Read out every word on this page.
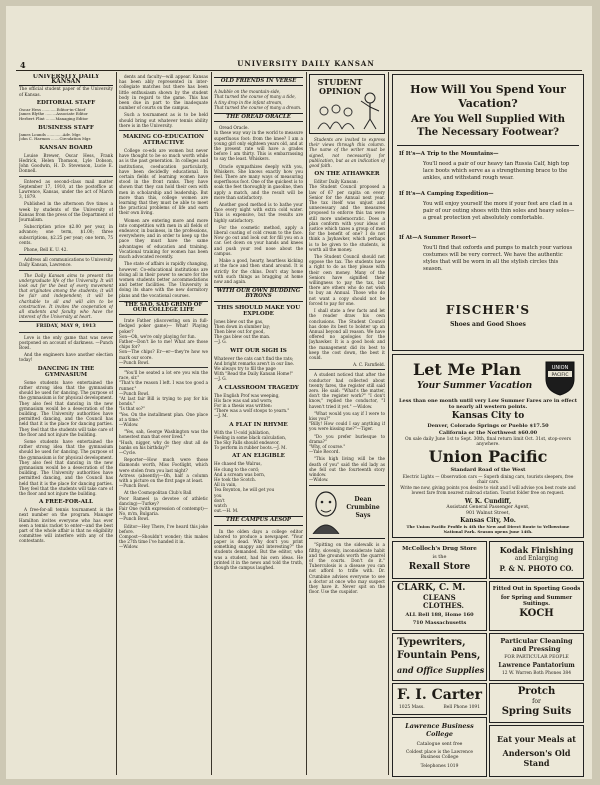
4	UNIVERSITY DAILY KANSAN
UNIVERSITY DAILY KANSAN

The official student paper of the University of Kansas.

EDITORIAL STAFF
Oscar Hess ............Editor-in-Chief
James Blythe .........Associate Editor
Herbert Flint ........Managing Editor
BUSINESS STAFF
James Lounds .............Adv. Mgr.
John C. Harmon .......Circulation Mgr.
KANSAN BOARD

Louise Brewer, Oscar Hess, Frank Hedrick, Helen Thomson, Lyle Dobson, John Goodwin, H. D. Stevenson, Lucie E. Donnell.

Entered as second-class mail matter September 17, 1910, at the postoffice at Lawrence, Kansas, under the act of March 3, 1879.

Published in the afternoon five times a week by students of the University of Kansas from the press of the Department of Journalism.

Subscription price $2.00 per year, in advance; one term, $1.00; three subscriptions, $2.25 per year; one term, 75 cents.

Phone, Bell K. U. 42.

Address all communications to University Daily Kansan, Lawrence.

The Daily Kansan aims to present the undergraduate life of the University. It will look out for the best of every movement that originates among the students; it will be fair and independent; it will be charitable to all and will aim to be constructive. It invites the cooperation of all students and faculty who have the interest of the University at heart.

FRIDAY, MAY 9, 1913

Love is the only game that was never postponed on account of darkness. —Punch Bowl.

And the engineers have another election today!

DANCING IN THE GYMNASIUM

Some students have entertained the rather strong idea that the gymnasium should be used for dancing. The purpose of the gymnasium is for physical development. They also feel that dancing in the new gymnasium would be a desecration of the building. The University authorities have permitted dancing, and the Council has held that it is the place for dancing parties. They feel that the students will take care of the floor and not injure the building.

Some students have entertained the rather strong idea that the gymnasium should be used for dancing. The purpose of the gymnasium is for physical development. They also feel that dancing in the new gymnasium would be a desecration of the building. The University authorities have permitted dancing, and the Council has held that it is the place for dancing parties. They feel that the students will take care of the floor and not injure the building.

A FREE-FOR-ALL

A free-for-all tennis tournament is the next number on the program. Manager Hamilton invites everyone who has ever seen a tennis racket to enter—and the best part of the whole affair is that no eligibility committee will interfere with any of the contestants.

dents and faculty—will appear. Kansas has been ably represented in inter-collegiate matches but there has been little enthusiasm shown by the student body in regard to the game. This has been due in part to the inadequate number of courts on the campus.

Such a tournament as is to be held should bring out whatever tennis ability there is in the University.

MAKING CO-EDUCATION ATTRACTIVE

College co-eds are women but never have thought to be so much worth while as is the past generation. In colleges and institutions, coeducation particularly, have been decidedly educational. In certain fields of learning women have stood in the front ranks. They have shown that they can hold their own with men in scholarship and leadership. But more than this, college women are learning that they must be able to meet the practical problems of life and earn their own living.

Women are entering more and more into competition with men in all fields of endeavor, in business, in the professions, everywhere; and in order to keep up the pace they must have the same advantages of education and training. Vocational training for women has been much advocated recently.

The state of affairs is rapidly changing, however. Co-educational institutions are doing all in their power to secure for the women students better accommodations and better facilities. The University is doing its share with the new dormitory plans and the vocational courses.

THE SAD, SAD GRIND OF OUR COLLEGE LIFE

Irate Father (discovering son in full-fledged poker game)— What! Playing poker?
Son—Oh, we're only playing for fun.
Father—Don't lie to me! What are those chips for?
Son—The chips? Er—er—they're how we mark our score.
—Punch Bowl.

"You'll be seated a lot ere you win the race, sir."
"That's the reason I left. I was too good a runner."
—Punch Bowl.
"At last fair Bill is trying to pay for his bonds."
"Is that so?"
"Yes. On the installment plan. One place at a time."
—Widow.

"Yes, sah, George Washington was the honestest man that ever lived."
"Hush, nigger, why do they shut all de banks on his birthday?"
—Cycle.

Reporter—How much were those diamonds worth, Miss Footlight, which were stolen from you last night?
Actress (absently)—Oh, half a column with a picture on the first page at least.
—Punch Bowl.

At the Cosmopolitan Club's Ball
Poor Rameel (a devotee of athletic dancing)—Turkey?
Fair One (with expression of contempt)—No, m'm, Bulgaria.
—Punch Bowl.

Editor—Hey There, I've heard this joke before.
Compost—Shouldn't wonder; this makes the 27th time I've handed it in.
—Widow.

OLD FRIENDS IN VERSE

A bubble on the mountain-side,
That turned the course of many a tide,
A tiny drop in the infant stream,
That turned the course of many a dream.

THE OREAD ORACLE

Oread Oracle.
In these way way in the world to measure superfluous foot: from the knee? I am a young girl only eighteen years old, and at the present rate will have a grades before I am thirty. This is embarrassing to say the least. Whiskers.

Oracle sympathizes deeply with you, Whiskers. She knows exactly how you feel. There are many ways of measuring superfluous foot. One of the quickest is to soak the feet thoroughly in gasoline, then apply a match, and the result will be more than satisfactory.

Another good method is to bathe your face every night with extra cold water. This is expensive, but the results are highly satisfactory.

For the cosmetic method, apply a liberal coating of cold cream to the face. Now go out and look out for fill you on a car. Get down on your hands and knees and push your red nose about the campus.

Make a good, hearty, heartless kicking at the face and then stand around. It is strictly for the chins. Don't stay home with such things as bragging at home now and again.

WITH OUR OWN BUDDING BYRONS
THIS SHOULD MAKE YOU EXPLODE

Jones blew out the gas,
Then down in slumber lay;
Then blew out for good,
The gas blew out the man.
—J. G.

WIT OUR SIGH IS

Whatever the cats can't find the rats;
And bright remarks aren't in our line.
We always try to fill the page
With "Read the Daily Kansan Home!"
—J. G.

A CLASSROOM TRAGEDY

The English Prof was weeping,
His face was sad and worn;
For in a thesis was written:
"There was a wolf stoops to yearn."
—J. M.

A FLAT IN RHYME

With the U-cold jubilation,
Feeling in some black calculation,
The Sky Falls should endeavor,
To perform in rubber boots.—J. M.

AT AN ELIGIBLE

He chased the Walrus,
He clung to the cord;
And a scream was born,
He took the Scotch.
All in vain,
Tea Boynton, he will get you
you
don't
watch
out.—H. M.

THE CAMPUS AESOP

In the olden days a college editor labored to produce a newspaper. "Your paper is dead. Why don't you print something snappy and interesting?" the students demanded. But the editor, who was a student, had his own ideas. He printed it in the news and told the truth, though the campus laughed.

STUDENT OPINION

Students are invited to express their views through this column. The name of the writer must be signed, not necessarily for publication, but as an indication of good faith.

ON THE ATHAWKER

Editor Daily Kansan:
The Student Council proposed a law of 67 per capita on every Senior for the Annual next year. The tax itself was unjust and unnecessary and the measures proposed to enforce this tax were still more undemocratic. Does a plan conform with your ideas of justice which taxes a group of men for the benefit of one? I do not think a Jayhawker, which perhaps is to be given to the students, is worth all the money.

The Student Council should not oppose the tax. The students have a right to do as they please with their own money. Many of the Seniors have signified their willingness to pay the tax, but there are others who do not wish to buy an Annual. Those who do not want a copy should not be forced to pay for one.

I shall state a few facts and let the reader draw his own conclusions. The Student Council has done its best to bolster up an Annual beyond all reason. We have offered no apologies for the Jayhawker. It is a good book and the management did its best to keep the cost down, the best it could.

A. C. Farnfield.

A student noticed that after the conductor had collected about twenty fares, the register still said zero. He said: "What's the matter, don't the register work?" "I don't know," replied the conductor, "I haven't tried it yet." —Widow.

"What would you say if I were to kiss you?"
"Billy! How could I say anything if you were kissing me?"—Tiger.

"Do you prefer burlesque to drama?"
"Why, of course."
—Yale Record.

"This high living will be the death of you" said the old lady as she fell out the fourteenth story window.
—Widow.

Dean Crumbine Says

"Spitting on the sidewalk is a filthy, slovenly, inconsiderate habit and the grounds worth the quarrel of the courts. Don't do it." Tuberculosis is a disease you can not afford to trifle with. Dr. Crumbine advises everyone to see a doctor at once who may suspect they have it. Never spit on the floor. Use the cuspidor.

How Will You Spend Your Vacation?
Are You Well Supplied With The Necessary Footwear?
If It's—A Trip to the Mountains—
You'll need a pair of our heavy tan Russia Calf, high top lace boots which serve as a strengthening brace to the ankles, and withstand rough wear.
If It's—A Camping Expedition—
You will enjoy yourself the more if your feet are clad in a pair of our outing shoes with thin soles and heavy soles—a great protection yet absolutely comfortable.
If At—A Summer Resort—
You'll find that oxfords and pumps to match your various costumes will be very correct. We have the authentic styles that will be worn in all the stylish circles this season.
FISCHER'S
Shoes and Good Shoes
Let Me Plan
Your Summer Vacation
UNION
PACIFIC
Less than one month until very Low Summer Fares are in effect to nearly all western points.
Kansas City to
Denver, Colorado Springs or Pueblo $17.50
California or the Northwest $60.00
On sale daily June 1st to Sept. 30th, final return limit Oct. 31st, stop-overs anywhere.
Union Pacific
Standard Road of the West
Electric Lights — Observation cars — Superb dining cars, tourists sleepers, free chair cars.
Write me now, giving points you desire to visit and I will advise you best route and lowest fare from nearest railroad station. Tourist folder free on request.
W. K. Cundiff,
Assistant General Passenger Agent,
901 Walnut Street,
Kansas City, Mo.
The Union Pacific Profile is 4th the New and Direct Route to Yellowstone National Park. Season opens June 14th.
McColloch's Drug Store
is the
Rexall Store
Kodak Finishing
and Enlarging
P. & N. PHOTO CO.
CLARK, C. M.
CLEANS
CLOTHES.
ALL Bell 188, Home 160
710 Massachusetts
Fitted Out in Sporting Goods
for Spring and Summer Suitings.
KOCH
Typewriters,
Fountain Pens,
and Office Supplies
Particular Cleaning and Pressing
FOR PARTICULAR PEOPLE
Lawrence Pantatorium
12 W. Warren Both Phones 384
F. I. Carter
1025 Mass.	Bell Phone 1091
Protch
for
Spring Suits
Lawrence Business College
Catalogue sent free
Coldest place is the Lawrence Business College
Telephones 1019
Eat your Meals at
Anderson's Old Stand
